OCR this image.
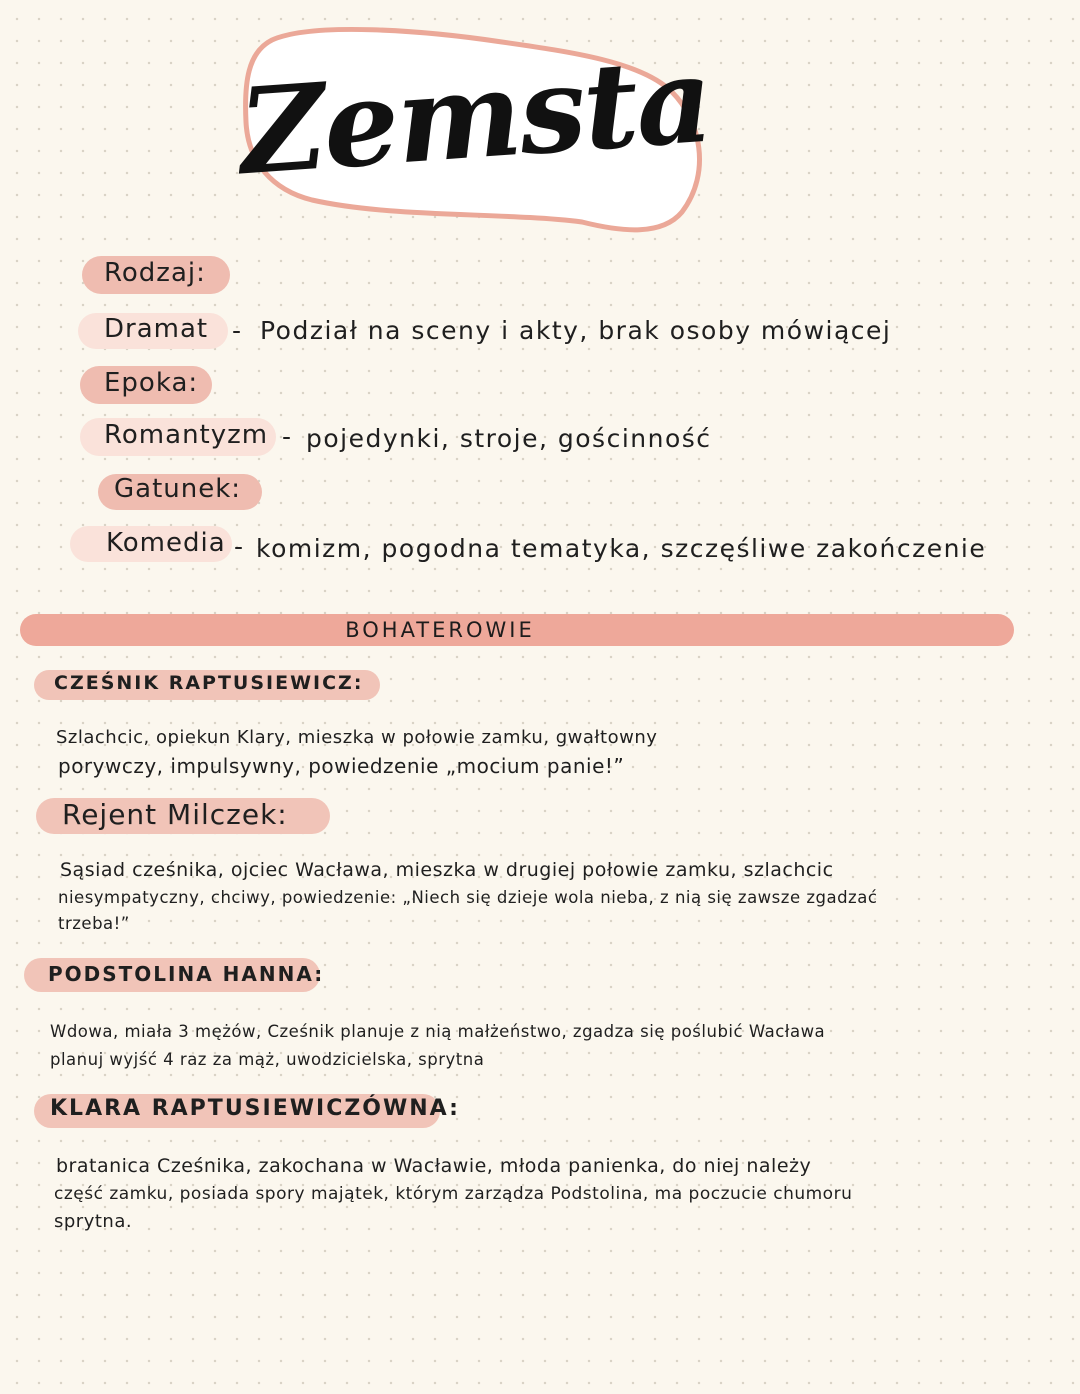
Zemsta
Rodzaj:
Dramat - Podział na sceny i akty, brak osoby mówiącej
Epoka:
Romantyzm - pojedynki, stroje, gościnność
Gatunek:
Komedia - komizm, pogodna tematyka, szczęśliwe zakończenie
BOHATEROWIE
CZEŚNIK RAPTUSIEWICZ:
Szlachcic, opiekun Klary, mieszka w połowie zamku, gwałtowny
porywczy, impulsywny, powiedzenie „mocium panie!”
Rejent Milczek:
Sąsiad cześnika, ojciec Wacława, mieszka w drugiej połowie zamku, szlachcic
niesympatyczny, chciwy, powiedzenie: „Niech się dzieje wola nieba, z nią się zawsze zgadzać
trzeba!”
PODSTOLINA HANNA:
Wdowa, miała 3 mężów, Cześnik planuje z nią małżeństwo, zgadza się poślubić Wacława
planuj wyjść 4 raz za mąż, uwodzicielska, sprytna
KLARA RAPTUSIEWICZÓWNA:
bratanica Cześnika, zakochana w Wacławie, młoda panienka, do niej należy
część zamku, posiada spory majątek, którym zarządza Podstolina, ma poczucie chumoru
sprytna.
